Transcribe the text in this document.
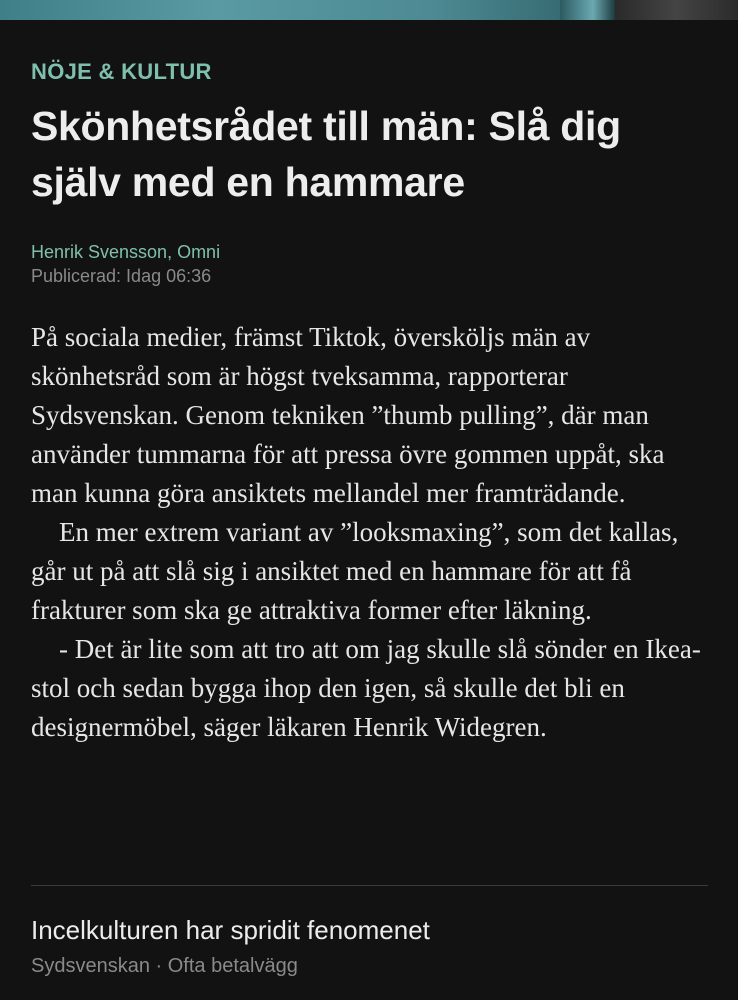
NÖJE & KULTUR
Skönhetsrådet till män: Slå dig själv med en hammare
Henrik Svensson, Omni
Publicerad: Idag 06:36

På sociala medier, främst Tiktok, översköljs män av skönhetsråd som är högst tveksamma, rapporterar Sydsvenskan. Genom tekniken ”thumb pulling”, där man använder tummarna för att pressa övre gommen uppåt, ska man kunna göra ansiktets mellandel mer framträdande.

En mer extrem variant av ”looksmaxing”, som det kallas, går ut på att slå sig i ansiktet med en hammare för att få frakturer som ska ge attraktiva former efter läkning.

- Det är lite som att tro att om jag skulle slå sönder en Ikea-stol och sedan bygga ihop den igen, så skulle det bli en designermöbel, säger läkaren Henrik Widegren.

Incelkulturen har spridit fenomenet
Sydsvenskan · Ofta betalvägg
